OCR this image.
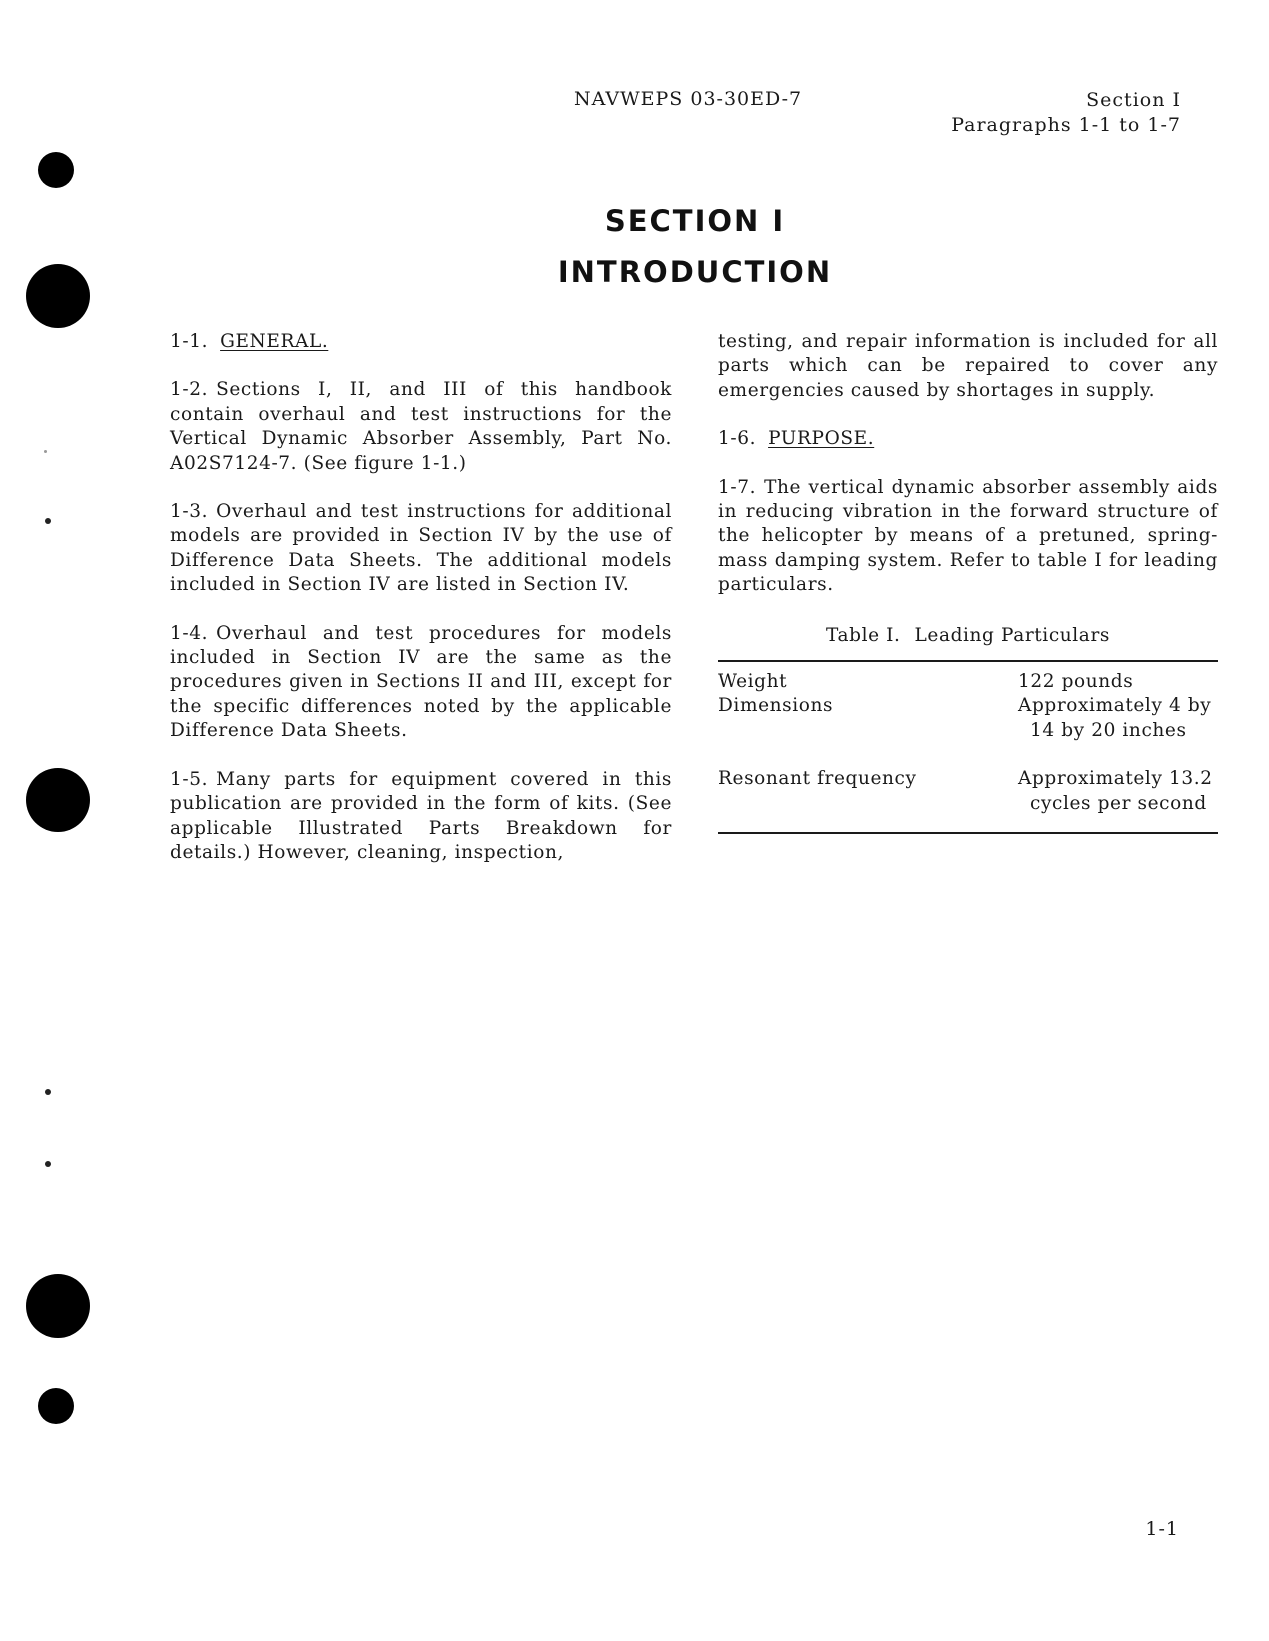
NAVWEPS 03-30ED-7	Section I
Paragraphs 1-1 to 1-7
SECTION I
INTRODUCTION
1-1. GENERAL.

1-2. Sections I, II, and III of this handbook contain overhaul and test instructions for the Vertical Dynamic Absorber Assembly, Part No. A02S7124-7. (See figure 1-1.)

1-3. Overhaul and test instructions for additional models are provided in Section IV by the use of Difference Data Sheets. The additional models included in Section IV are listed in Section IV.

1-4. Overhaul and test procedures for models included in Section IV are the same as the procedures given in Sections II and III, except for the specific differences noted by the applicable Difference Data Sheets.

1-5. Many parts for equipment covered in this publication are provided in the form of kits. (See applicable Illustrated Parts Breakdown for details.) However, cleaning, inspection,

testing, and repair information is included for all parts which can be repaired to cover any emergencies caused by shortages in supply.

1-6. PURPOSE.

1-7. The vertical dynamic absorber assembly aids in reducing vibration in the forward structure of the helicopter by means of a pretuned, spring-mass damping system. Refer to table I for leading particulars.

Table I. Leading Particulars
Weight	122 pounds

Dimensions	Approximately 4 by 14 by 20 inches

Resonant frequency	Approximately 13.2 cycles per second
1-1
